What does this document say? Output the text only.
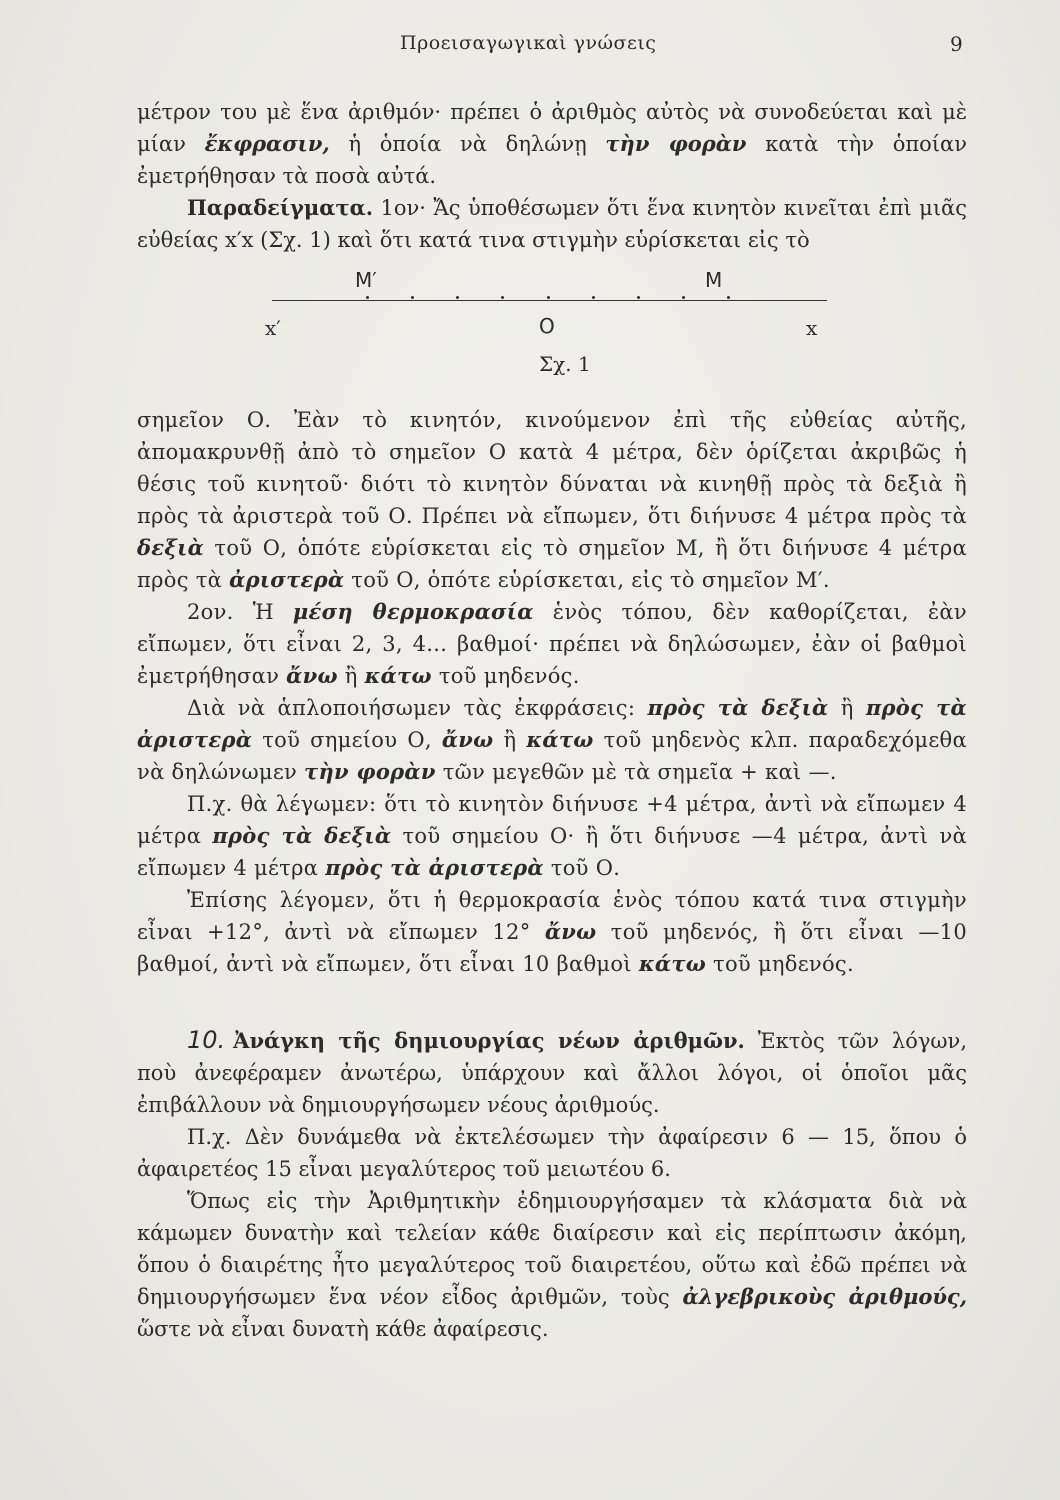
Προεισαγωγικαὶ γνώσεις	9

μέτρον του μὲ ἕνα ἀριθμόν· πρέπει ὁ ἀριθμὸς αὐτὸς νὰ συνοδεύεται καὶ μὲ μίαν ἔκφρασιν, ἡ ὁποία νὰ δηλώνῃ τὴν φορὰν κατὰ τὴν ὁποίαν ἐμετρήθησαν τὰ ποσὰ αὐτά.

Παραδείγματα. 1ον· Ἄς ὑποθέσωμεν ὅτι ἕνα κινητὸν κινεῖται ἐπὶ μιᾶς εὐθείας x′x (Σχ. 1) καὶ ὅτι κατά τινα στιγμὴν εὑρίσκεται εἰς τὸ

Μ′	Μ
x′	Ο	x
Σχ. 1

σημεῖον Ο. Ἐὰν τὸ κινητόν, κινούμενον ἐπὶ τῆς εὐθείας αὐτῆς, ἀπομακρυνθῇ ἀπὸ τὸ σημεῖον Ο κατὰ 4 μέτρα, δὲν ὁρίζεται ἀκριβῶς ἡ θέσις τοῦ κινητοῦ· διότι τὸ κινητὸν δύναται νὰ κινηθῇ πρὸς τὰ δεξιὰ ἢ πρὸς τὰ ἀριστερὰ τοῦ Ο. Πρέπει νὰ εἴπωμεν, ὅτι διήνυσε 4 μέτρα πρὸς τὰ δεξιὰ τοῦ Ο, ὁπότε εὑρίσκεται εἰς τὸ σημεῖον Μ, ἢ ὅτι διήνυσε 4 μέτρα πρὸς τὰ ἀριστερὰ τοῦ Ο, ὁπότε εὑρίσκεται, εἰς τὸ σημεῖον Μ′.

2ον. Ἡ μέση θερμοκρασία ἑνὸς τόπου, δὲν καθορίζεται, ἐὰν εἴπωμεν, ὅτι εἶναι 2, 3, 4... βαθμοί· πρέπει νὰ δηλώσωμεν, ἐὰν οἱ βαθμοὶ ἐμετρήθησαν ἄνω ἢ κάτω τοῦ μηδενός.

Διὰ νὰ ἁπλοποιήσωμεν τὰς ἐκφράσεις: πρὸς τὰ δεξιὰ ἢ πρὸς τὰ ἀριστερὰ τοῦ σημείου Ο, ἄνω ἢ κάτω τοῦ μηδενὸς κλπ. παραδεχόμεθα νὰ δηλώνωμεν τὴν φορὰν τῶν μεγεθῶν μὲ τὰ σημεῖα + καὶ —.

Π.χ. θὰ λέγωμεν: ὅτι τὸ κινητὸν διήνυσε +4 μέτρα, ἀντὶ νὰ εἴπωμεν 4 μέτρα πρὸς τὰ δεξιὰ τοῦ σημείου Ο· ἢ ὅτι διήνυσε —4 μέτρα, ἀντὶ νὰ εἴπωμεν 4 μέτρα πρὸς τὰ ἀριστερὰ τοῦ Ο.

Ἐπίσης λέγομεν, ὅτι ἡ θερμοκρασία ἑνὸς τόπου κατά τινα στιγμὴν εἶναι +12°, ἀντὶ νὰ εἴπωμεν 12° ἄνω τοῦ μηδενός, ἢ ὅτι εἶναι —10 βαθμοί, ἀντὶ νὰ εἴπωμεν, ὅτι εἶναι 10 βαθμοὶ κάτω τοῦ μηδενός.

10. Ἀνάγκη τῆς δημιουργίας νέων ἀριθμῶν. Ἐκτὸς τῶν λόγων, ποὺ ἀνεφέραμεν ἀνωτέρω, ὑπάρχουν καὶ ἄλλοι λόγοι, οἱ ὁποῖοι μᾶς ἐπιβάλλουν νὰ δημιουργήσωμεν νέους ἀριθμούς.

Π.χ. Δὲν δυνάμεθα νὰ ἐκτελέσωμεν τὴν ἀφαίρεσιν 6 — 15, ὅπου ὁ ἀφαιρετέος 15 εἶναι μεγαλύτερος τοῦ μειωτέου 6.

Ὅπως εἰς τὴν Ἀριθμητικὴν ἐδημιουργήσαμεν τὰ κλάσματα διὰ νὰ κάμωμεν δυνατὴν καὶ τελείαν κάθε διαίρεσιν καὶ εἰς περίπτωσιν ἀκόμη, ὅπου ὁ διαιρέτης ἦτο μεγαλύτερος τοῦ διαιρετέου, οὕτω καὶ ἐδῶ πρέπει νὰ δημιουργήσωμεν ἕνα νέον εἶδος ἀριθμῶν, τοὺς ἀλγεβρικοὺς ἀριθμούς, ὥστε νὰ εἶναι δυνατὴ κάθε ἀφαίρεσις.
